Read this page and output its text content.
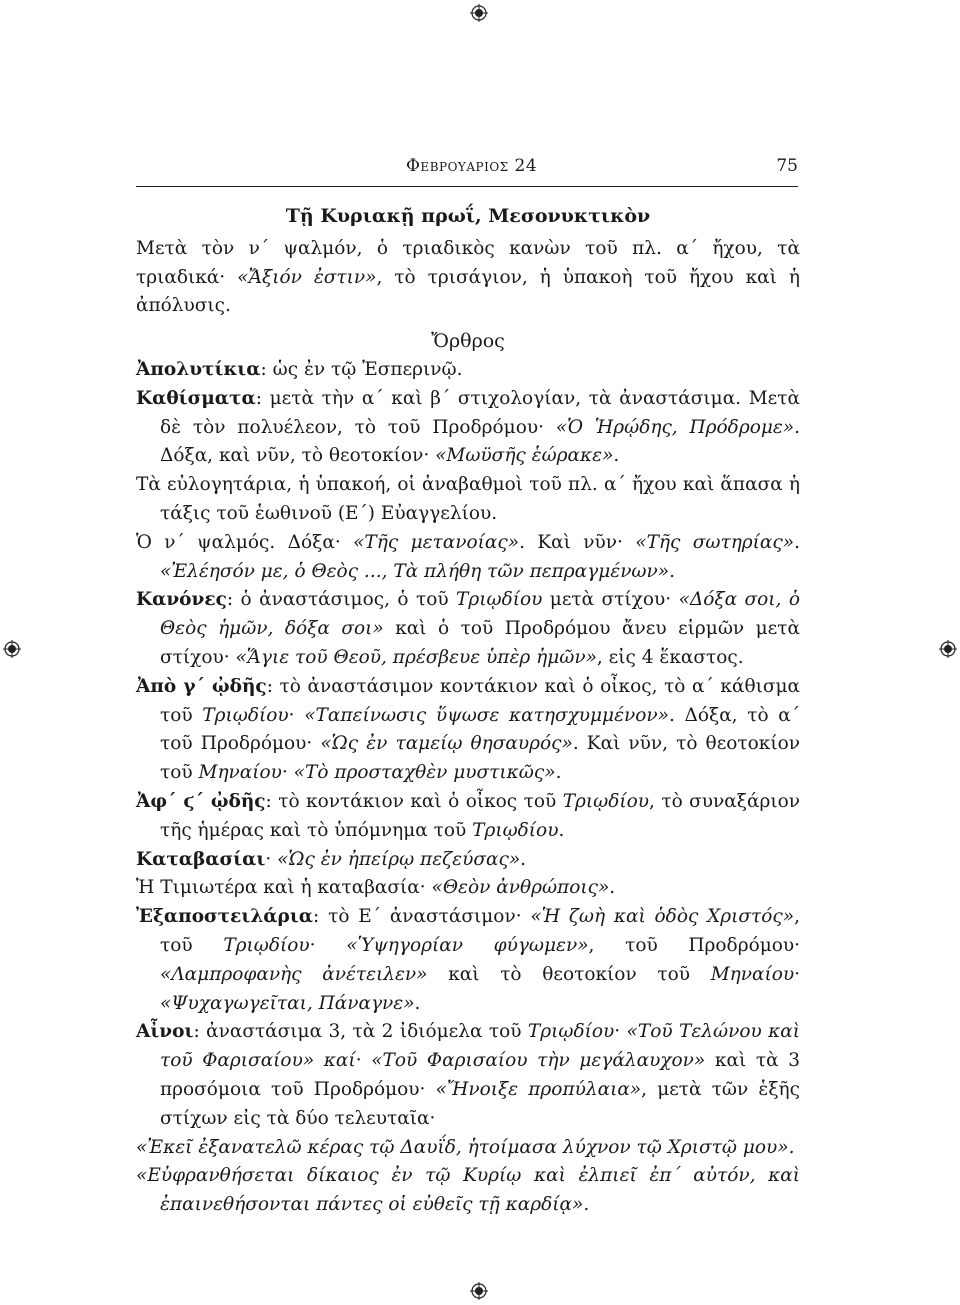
Φεβρουαριος 24	75
Τῇ Κυριακῇ πρωΐ, Μεσονυκτικὸν

Μετὰ τὸν ν΄ ψαλμόν, ὁ τριαδικὸς κανὼν τοῦ πλ. α΄ ἤχου, τὰ τριαδικά· «Ἄξιόν ἐστιν», τὸ τρισάγιον, ἡ ὑπακοὴ τοῦ ἤχου καὶ ἡ ἀπόλυσις.

Ὄρθρος

Ἀπολυτίκια: ὡς ἐν τῷ Ἑσπερινῷ.

Καθίσματα: μετὰ τὴν α΄ καὶ β΄ στιχολογίαν, τὰ ἀναστάσιμα. Μετὰ δὲ τὸν πολυέλεον, τὸ τοῦ Προδρόμου· «Ὁ Ἡρῴδης, Πρόδρομε». Δόξα, καὶ νῦν, τὸ θεοτοκίον· «Μωϋσῆς ἑώρακε».

Τὰ εὐλογητάρια, ἡ ὑπακοή, οἱ ἀναβαθμοὶ τοῦ πλ. α΄ ἤχου καὶ ἅπασα ἡ τάξις τοῦ ἑωθινοῦ (Ε΄) Εὐαγγελίου.

Ὁ ν΄ ψαλμός. Δόξα· «Τῆς μετανοίας». Καὶ νῦν· «Τῆς σωτηρίας». «Ἐλέησόν με, ὁ Θεὸς ..., Τὰ πλήθη τῶν πεπραγμένων».

Κανόνες: ὁ ἀναστάσιμος, ὁ τοῦ Τριῳδίου μετὰ στίχου· «Δόξα σοι, ὁ Θεὸς ἡμῶν, δόξα σοι» καὶ ὁ τοῦ Προδρόμου ἄνευ εἱρμῶν μετὰ στίχου· «Ἅγιε τοῦ Θεοῦ, πρέσβευε ὑπὲρ ἡμῶν», εἰς 4 ἕκαστος.

Ἀπὸ γ΄ ᾠδῆς: τὸ ἀναστάσιμον κοντάκιον καὶ ὁ οἶκος, τὸ α΄ κάθισμα τοῦ Τριῳδίου· «Ταπείνωσις ὕψωσε κατησχυμμένον». Δόξα, τὸ α΄ τοῦ Προδρόμου· «Ὡς ἐν ταμείῳ θησαυρός». Καὶ νῦν, τὸ θεοτοκίον τοῦ Μηναίου· «Τὸ προσταχθὲν μυστικῶς».

Ἀφ΄ ϛ΄ ᾠδῆς: τὸ κοντάκιον καὶ ὁ οἶκος τοῦ Τριῳδίου, τὸ συναξάριον τῆς ἡμέρας καὶ τὸ ὑπόμνημα τοῦ Τριῳδίου.

Καταβασίαι· «Ὡς ἐν ἠπείρῳ πεζεύσας».

Ἡ Τιμιωτέρα καὶ ἡ καταβασία· «Θεὸν ἀνθρώποις».

Ἐξαποστειλάρια: τὸ Ε΄ ἀναστάσιμον· «Ἡ ζωὴ καὶ ὁδὸς Χριστός», τοῦ Τριῳδίου· «Ὑψηγορίαν φύγωμεν», τοῦ Προδρόμου· «Λαμπροφανὴς ἀνέτειλεν» καὶ τὸ θεοτοκίον τοῦ Μηναίου· «Ψυχαγωγεῖται, Πάναγνε».

Αἶνοι: ἀναστάσιμα 3, τὰ 2 ἰδιόμελα τοῦ Τριῳδίου· «Τοῦ Τελώνου καὶ τοῦ Φαρισαίου» καί· «Τοῦ Φαρισαίου τὴν μεγάλαυχον» καὶ τὰ 3 προσόμοια τοῦ Προδρόμου· «Ἤνοιξε προπύλαια», μετὰ τῶν ἑξῆς στίχων εἰς τὰ δύο τελευταῖα·

«Ἐκεῖ ἐξανατελῶ κέρας τῷ Δαυΐδ, ἡτοίμασα λύχνον τῷ Χριστῷ μου».

«Εὐφρανθήσεται δίκαιος ἐν τῷ Κυρίῳ καὶ ἐλπιεῖ ἐπ΄ αὐτόν, καὶ ἐπαινεθήσονται πάντες οἱ εὐθεῖς τῇ καρδίᾳ».
